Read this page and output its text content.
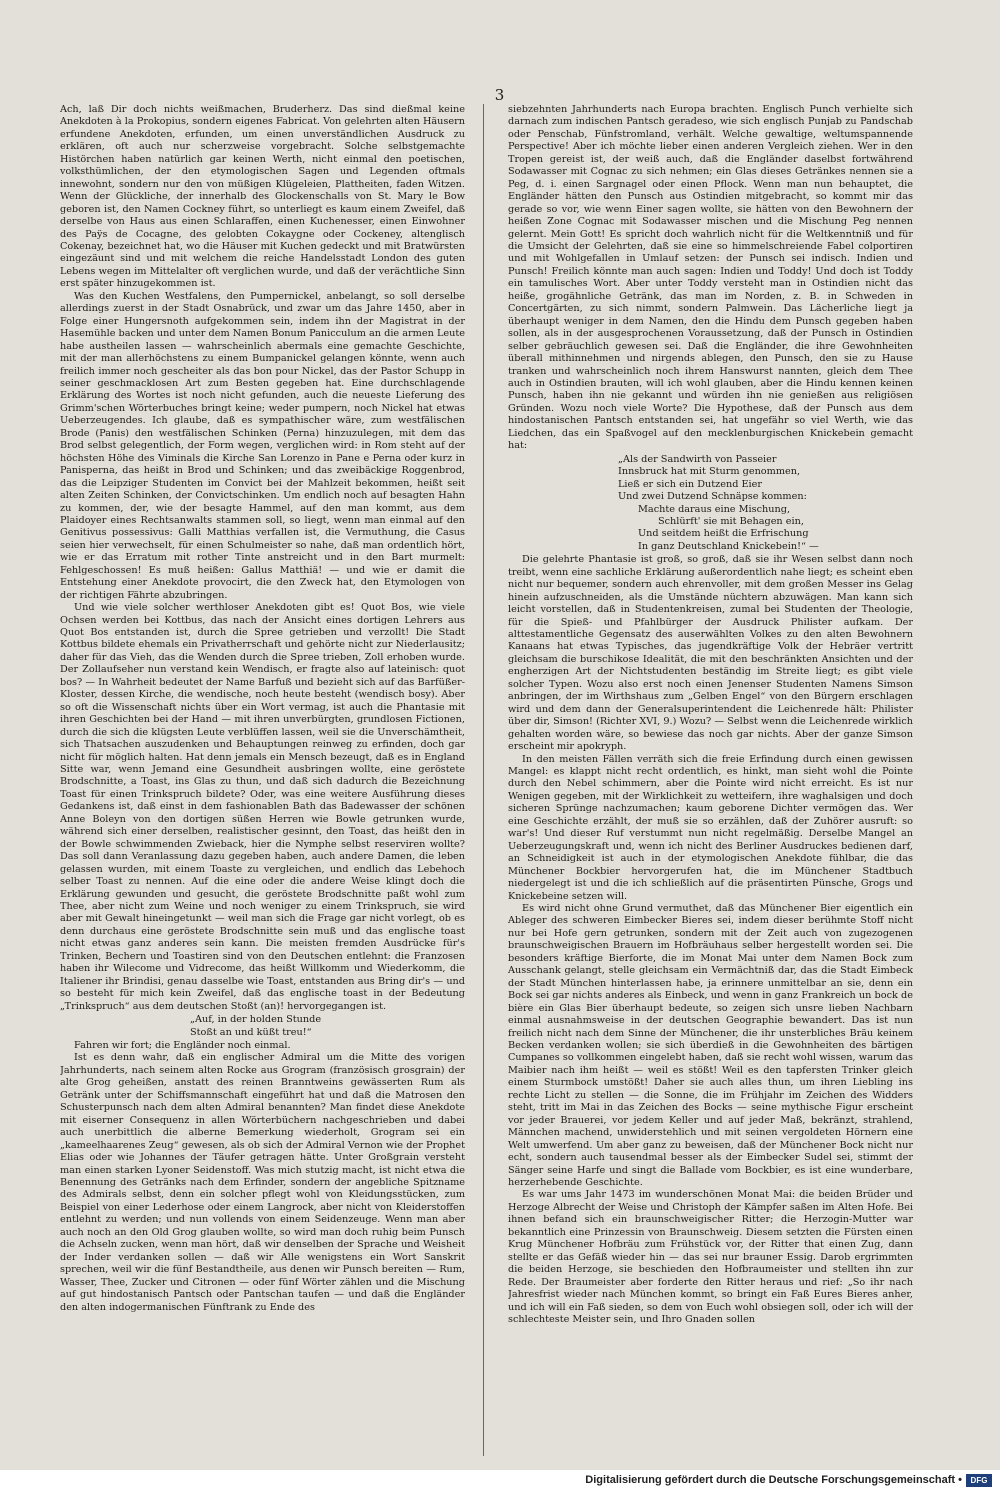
3

Ach, laß Dir doch nichts weißmachen, Bruderherz. Das sind dießmal keine Anekdoten à la Prokopius, sondern eigenes Fabricat. Von gelehrten alten Häusern erfundene Anekdoten, erfunden, um einen unverständlichen Ausdruck zu erklären, oft auch nur scherzweise vorgebracht. Solche selbstgemachte Histörchen haben natürlich gar keinen Werth, nicht einmal den poetischen, volksthümlichen, der den etymologischen Sagen und Legenden oftmals innewohnt, sondern nur den von müßigen Klügeleien, Plattheiten, faden Witzen. Wenn der Glückliche, der innerhalb des Glockenschalls von St. Mary le Bow geboren ist, den Namen Cockney führt, so unterliegt es kaum einem Zweifel, daß derselbe von Haus aus einen Schlaraffen, einen Kuchenesser, einen Einwohner des Paÿs de Cocagne, des gelobten Cokaygne oder Cockeney, altenglisch Cokenay, bezeichnet hat, wo die Häuser mit Kuchen gedeckt und mit Bratwürsten eingezäunt sind und mit welchem die reiche Handelsstadt London des guten Lebens wegen im Mittelalter oft verglichen wurde, und daß der verächtliche Sinn erst später hinzugekommen ist.

Was den Kuchen Westfalens, den Pumpernickel, anbelangt, so soll derselbe allerdings zuerst in der Stadt Osnabrück, und zwar um das Jahre 1450, aber in Folge einer Hungersnoth aufgekommen sein, indem ihn der Magistrat in der Hasemühle backen und unter dem Namen Bonum Panicculum an die armen Leute habe austheilen lassen — wahrscheinlich abermals eine gemachte Geschichte, mit der man allerhöchstens zu einem Bumpanickel gelangen könnte, wenn auch freilich immer noch gescheiter als das bon pour Nickel, das der Pastor Schupp in seiner geschmacklosen Art zum Besten gegeben hat. Eine durchschlagende Erklärung des Wortes ist noch nicht gefunden, auch die neueste Lieferung des Grimm'schen Wörterbuches bringt keine; weder pumpern, noch Nickel hat etwas Ueberzeugendes. Ich glaube, daß es sympathischer wäre, zum westfälischen Brode (Panis) den westfälischen Schinken (Perna) hinzuzulegen, mit dem das Brod selbst gelegentlich, der Form wegen, verglichen wird: in Rom steht auf der höchsten Höhe des Viminals die Kirche San Lorenzo in Pane e Perna oder kurz in Panisperna, das heißt in Brod und Schinken; und das zweibäckige Roggenbrod, das die Leipziger Studenten im Convict bei der Mahlzeit bekommen, heißt seit alten Zeiten Schinken, der Convictschinken. Um endlich noch auf besagten Hahn zu kommen, der, wie der besagte Hammel, auf den man kommt, aus dem Plaidoyer eines Rechtsanwalts stammen soll, so liegt, wenn man einmal auf den Genitivus possessivus: Galli Matthias verfallen ist, die Vermuthung, die Casus seien hier verwechselt, für einen Schulmeister so nahe, daß man ordentlich hört, wie er das Erratum mit rother Tinte anstreicht und in den Bart murmelt: Fehlgeschossen! Es muß heißen: Gallus Matthiä! — und wie er damit die Entstehung einer Anekdote provocirt, die den Zweck hat, den Etymologen von der richtigen Fährte abzubringen.

Und wie viele solcher werthloser Anekdoten gibt es! Quot Bos, wie viele Ochsen werden bei Kottbus, das nach der Ansicht eines dortigen Lehrers aus Quot Bos entstanden ist, durch die Spree getrieben und verzollt! Die Stadt Kottbus bildete ehemals ein Privatherrschaft und gehörte nicht zur Niederlausitz; daher für das Vieh, das die Wenden durch die Spree trieben, Zoll erhoben wurde. Der Zollaufseher nun verstand kein Wendisch, er fragte also auf lateinisch: quot bos? — In Wahrheit bedeutet der Name Barfuß und bezieht sich auf das Barfüßer-Kloster, dessen Kirche, die wendische, noch heute besteht (wendisch bosy). Aber so oft die Wissenschaft nichts über ein Wort vermag, ist auch die Phantasie mit ihren Geschichten bei der Hand — mit ihren unverbürgten, grundlosen Fictionen, durch die sich die klügsten Leute verblüffen lassen, weil sie die Unverschämtheit, sich Thatsachen auszudenken und Behauptungen reinweg zu erfinden, doch gar nicht für möglich halten. Hat denn jemals ein Mensch bezeugt, daß es in England Sitte war, wenn Jemand eine Gesundheit ausbringen wollte, eine geröstete Brodschnitte, a Toast, ins Glas zu thun, und daß sich dadurch die Bezeichnung Toast für einen Trinkspruch bildete? Oder, was eine weitere Ausführung dieses Gedankens ist, daß einst in dem fashionablen Bath das Badewasser der schönen Anne Boleyn von den dortigen süßen Herren wie Bowle getrunken wurde, während sich einer derselben, realistischer gesinnt, den Toast, das heißt den in der Bowle schwimmenden Zwieback, hier die Nymphe selbst reserviren wollte? Das soll dann Veranlassung dazu gegeben haben, auch andere Damen, die leben gelassen wurden, mit einem Toaste zu vergleichen, und endlich das Lebehoch selber Toast zu nennen. Auf die eine oder die andere Weise klingt doch die Erklärung gewunden und gesucht, die geröstete Brodschnitte paßt wohl zum Thee, aber nicht zum Weine und noch weniger zu einem Trinkspruch, sie wird aber mit Gewalt hineingetunkt — weil man sich die Frage gar nicht vorlegt, ob es denn durchaus eine geröstete Brodschnitte sein muß und das englische toast nicht etwas ganz anderes sein kann. Die meisten fremden Ausdrücke für's Trinken, Bechern und Toastiren sind von den Deutschen entlehnt: die Franzosen haben ihr Wilecome und Vidrecome, das heißt Willkomm und Wiederkomm, die Italiener ihr Brindisi, genau dasselbe wie Toast, entstanden aus Bring dir's — und so besteht für mich kein Zweifel, daß das englische toast in der Bedeutung „Trinkspruch“ aus dem deutschen Stoßt (an)! hervorgegangen ist.

„Auf, in der holden Stunde
Stoßt an und küßt treu!“

Fahren wir fort; die Engländer noch einmal.

Ist es denn wahr, daß ein englischer Admiral um die Mitte des vorigen Jahrhunderts, nach seinem alten Rocke aus Grogram (französisch grosgrain) der alte Grog geheißen, anstatt des reinen Branntweins gewässerten Rum als Getränk unter der Schiffsmannschaft eingeführt hat und daß die Matrosen den Schusterpunsch nach dem alten Admiral benannten? Man findet diese Anekdote mit eiserner Consequenz in allen Wörterbüchern nachgeschrieben und dabei auch unerbittlich die alberne Bemerkung wiederholt, Grogram sei ein „kameelhaarenes Zeug“ gewesen, als ob sich der Admiral Vernon wie der Prophet Elias oder wie Johannes der Täufer getragen hätte. Unter Großgrain versteht man einen starken Lyoner Seidenstoff. Was mich stutzig macht, ist nicht etwa die Benennung des Getränks nach dem Erfinder, sondern der angebliche Spitzname des Admirals selbst, denn ein solcher pflegt wohl von Kleidungsstücken, zum Beispiel von einer Lederhose oder einem Langrock, aber nicht von Kleiderstoffen entlehnt zu werden; und nun vollends von einem Seidenzeuge. Wenn man aber auch noch an den Old Grog glauben wollte, so wird man doch ruhig beim Punsch die Achseln zucken, wenn man hört, daß wir denselben der Sprache und Weisheit der Inder verdanken sollen — daß wir Alle wenigstens ein Wort Sanskrit sprechen, weil wir die fünf Bestandtheile, aus denen wir Punsch bereiten — Rum, Wasser, Thee, Zucker und Citronen — oder fünf Wörter zählen und die Mischung auf gut hindostanisch Pantsch oder Pantschan taufen — und daß die Engländer den alten indogermanischen Fünftrank zu Ende des

siebzehnten Jahrhunderts nach Europa brachten. Englisch Punch verhielte sich darnach zum indischen Pantsch geradeso, wie sich englisch Punjab zu Pandschab oder Penschab, Fünfstromland, verhält. Welche gewaltige, weltumspannende Perspective! Aber ich möchte lieber einen anderen Vergleich ziehen. Wer in den Tropen gereist ist, der weiß auch, daß die Engländer daselbst fortwährend Sodawasser mit Cognac zu sich nehmen; ein Glas dieses Getränkes nennen sie a Peg, d. i. einen Sargnagel oder einen Pflock. Wenn man nun behauptet, die Engländer hätten den Punsch aus Ostindien mitgebracht, so kommt mir das gerade so vor, wie wenn Einer sagen wollte, sie hätten von den Bewohnern der heißen Zone Cognac mit Sodawasser mischen und die Mischung Peg nennen gelernt. Mein Gott! Es spricht doch wahrlich nicht für die Weltkenntniß und für die Umsicht der Gelehrten, daß sie eine so himmelschreiende Fabel colportiren und mit Wohlgefallen in Umlauf setzen: der Punsch sei indisch. Indien und Punsch! Freilich könnte man auch sagen: Indien und Toddy! Und doch ist Toddy ein tamulisches Wort. Aber unter Toddy versteht man in Ostindien nicht das heiße, grogähnliche Getränk, das man im Norden, z. B. in Schweden in Concertgärten, zu sich nimmt, sondern Palmwein. Das Lächerliche liegt ja überhaupt weniger in dem Namen, den die Hindu dem Punsch gegeben haben sollen, als in der ausgesprochenen Voraussetzung, daß der Punsch in Ostindien selber gebräuchlich gewesen sei. Daß die Engländer, die ihre Gewohnheiten überall mithinnehmen und nirgends ablegen, den Punsch, den sie zu Hause tranken und wahrscheinlich noch ihrem Hanswurst nannten, gleich dem Thee auch in Ostindien brauten, will ich wohl glauben, aber die Hindu kennen keinen Punsch, haben ihn nie gekannt und würden ihn nie genießen aus religiösen Gründen. Wozu noch viele Worte? Die Hypothese, daß der Punsch aus dem hindostanischen Pantsch entstanden sei, hat ungefähr so viel Werth, wie das Liedchen, das ein Spaßvogel auf den mecklenburgischen Knickebein gemacht hat:

„Als der Sandwirth von Passeier
Innsbruck hat mit Sturm genommen,
Ließ er sich ein Dutzend Eier
Und zwei Dutzend Schnäpse kommen:
Machte daraus eine Mischung,
Schlürft' sie mit Behagen ein,
Und seitdem heißt die Erfrischung
In ganz Deutschland Knickebein!“ —

Die gelehrte Phantasie ist groß, so groß, daß sie ihr Wesen selbst dann noch treibt, wenn eine sachliche Erklärung außerordentlich nahe liegt; es scheint eben nicht nur bequemer, sondern auch ehrenvoller, mit dem großen Messer ins Gelag hinein aufzuschneiden, als die Umstände nüchtern abzuwägen. Man kann sich leicht vorstellen, daß in Studentenkreisen, zumal bei Studenten der Theologie, für die Spieß- und Pfahlbürger der Ausdruck Philister aufkam. Der alttestamentliche Gegensatz des auserwählten Volkes zu den alten Bewohnern Kanaans hat etwas Typisches, das jugendkräftige Volk der Hebräer vertritt gleichsam die burschikose Idealität, die mit den beschränkten Ansichten und der engherzigen Art der Nichtstudenten beständig im Streite liegt; es gibt viele solcher Typen. Wozu also erst noch einen Jenenser Studenten Namens Simson anbringen, der im Wirthshaus zum „Gelben Engel“ von den Bürgern erschlagen wird und dem dann der Generalsuperintendent die Leichenrede hält: Philister über dir, Simson! (Richter XVI, 9.) Wozu? — Selbst wenn die Leichenrede wirklich gehalten worden wäre, so bewiese das noch gar nichts. Aber der ganze Simson erscheint mir apokryph.

In den meisten Fällen verräth sich die freie Erfindung durch einen gewissen Mangel: es klappt nicht recht ordentlich, es hinkt, man sieht wohl die Pointe durch den Nebel schimmern, aber die Pointe wird nicht erreicht. Es ist nur Wenigen gegeben, mit der Wirklichkeit zu wetteifern, ihre waghalsigen und doch sicheren Sprünge nachzumachen; kaum geborene Dichter vermögen das. Wer eine Geschichte erzählt, der muß sie so erzählen, daß der Zuhörer ausruft: so war's! Und dieser Ruf verstummt nun nicht regelmäßig. Derselbe Mangel an Ueberzeugungskraft und, wenn ich nicht des Berliner Ausdruckes bedienen darf, an Schneidigkeit ist auch in der etymologischen Anekdote fühlbar, die das Münchener Bockbier hervorgerufen hat, die im Münchener Stadtbuch niedergelegt ist und die ich schließlich auf die präsentirten Pünsche, Grogs und Knickebeine setzen will.

Es wird nicht ohne Grund vermuthet, daß das Münchener Bier eigentlich ein Ableger des schweren Eimbecker Bieres sei, indem dieser berühmte Stoff nicht nur bei Hofe gern getrunken, sondern mit der Zeit auch von zugezogenen braunschweigischen Brauern im Hofbräuhaus selber hergestellt worden sei. Die besonders kräftige Bierforte, die im Monat Mai unter dem Namen Bock zum Ausschank gelangt, stelle gleichsam ein Vermächtniß dar, das die Stadt Eimbeck der Stadt München hinterlassen habe, ja erinnere unmittelbar an sie, denn ein Bock sei gar nichts anderes als Einbeck, und wenn in ganz Frankreich un bock de bière ein Glas Bier überhaupt bedeute, so zeigen sich unsre lieben Nachbarn einmal ausnahmsweise in der deutschen Geographie bewandert. Das ist nun freilich nicht nach dem Sinne der Münchener, die ihr unsterbliches Bräu keinem Becken verdanken wollen; sie sich überdieß in die Gewohnheiten des bärtigen Cumpanes so vollkommen eingelebt haben, daß sie recht wohl wissen, warum das Maibier nach ihm heißt — weil es stößt! Weil es den tapfersten Trinker gleich einem Sturmbock umstößt! Daher sie auch alles thun, um ihren Liebling ins rechte Licht zu stellen — die Sonne, die im Frühjahr im Zeichen des Widders steht, tritt im Mai in das Zeichen des Bocks — seine mythische Figur erscheint vor jeder Brauerei, vor jedem Keller und auf jeder Maß, bekränzt, strahlend, Männchen machend, unwiderstehlich und mit seinen vergoldeten Hörnern eine Welt umwerfend. Um aber ganz zu beweisen, daß der Münchener Bock nicht nur echt, sondern auch tausendmal besser als der Eimbecker Sudel sei, stimmt der Sänger seine Harfe und singt die Ballade vom Bockbier, es ist eine wunderbare, herzerhebende Geschichte.

Es war ums Jahr 1473 im wunderschönen Monat Mai: die beiden Brüder und Herzoge Albrecht der Weise und Christoph der Kämpfer saßen im Alten Hofe. Bei ihnen befand sich ein braunschweigischer Ritter; die Herzogin-Mutter war bekanntlich eine Prinzessin von Braunschweig. Diesem setzten die Fürsten einen Krug Münchener Hofbräu zum Frühstück vor, der Ritter that einen Zug, dann stellte er das Gefäß wieder hin — das sei nur brauner Essig. Darob ergrimmten die beiden Herzoge, sie beschieden den Hofbraumeister und stellten ihn zur Rede. Der Braumeister aber forderte den Ritter heraus und rief: „So ihr nach Jahresfrist wieder nach München kommt, so bringt ein Faß Eures Bieres anher, und ich will ein Faß sieden, so dem von Euch wohl obsiegen soll, oder ich will der schlechteste Meister sein, und Ihro Gnaden sollen

Digitalisierung gefördert durch die Deutsche Forschungsgemeinschaft •	DFG
